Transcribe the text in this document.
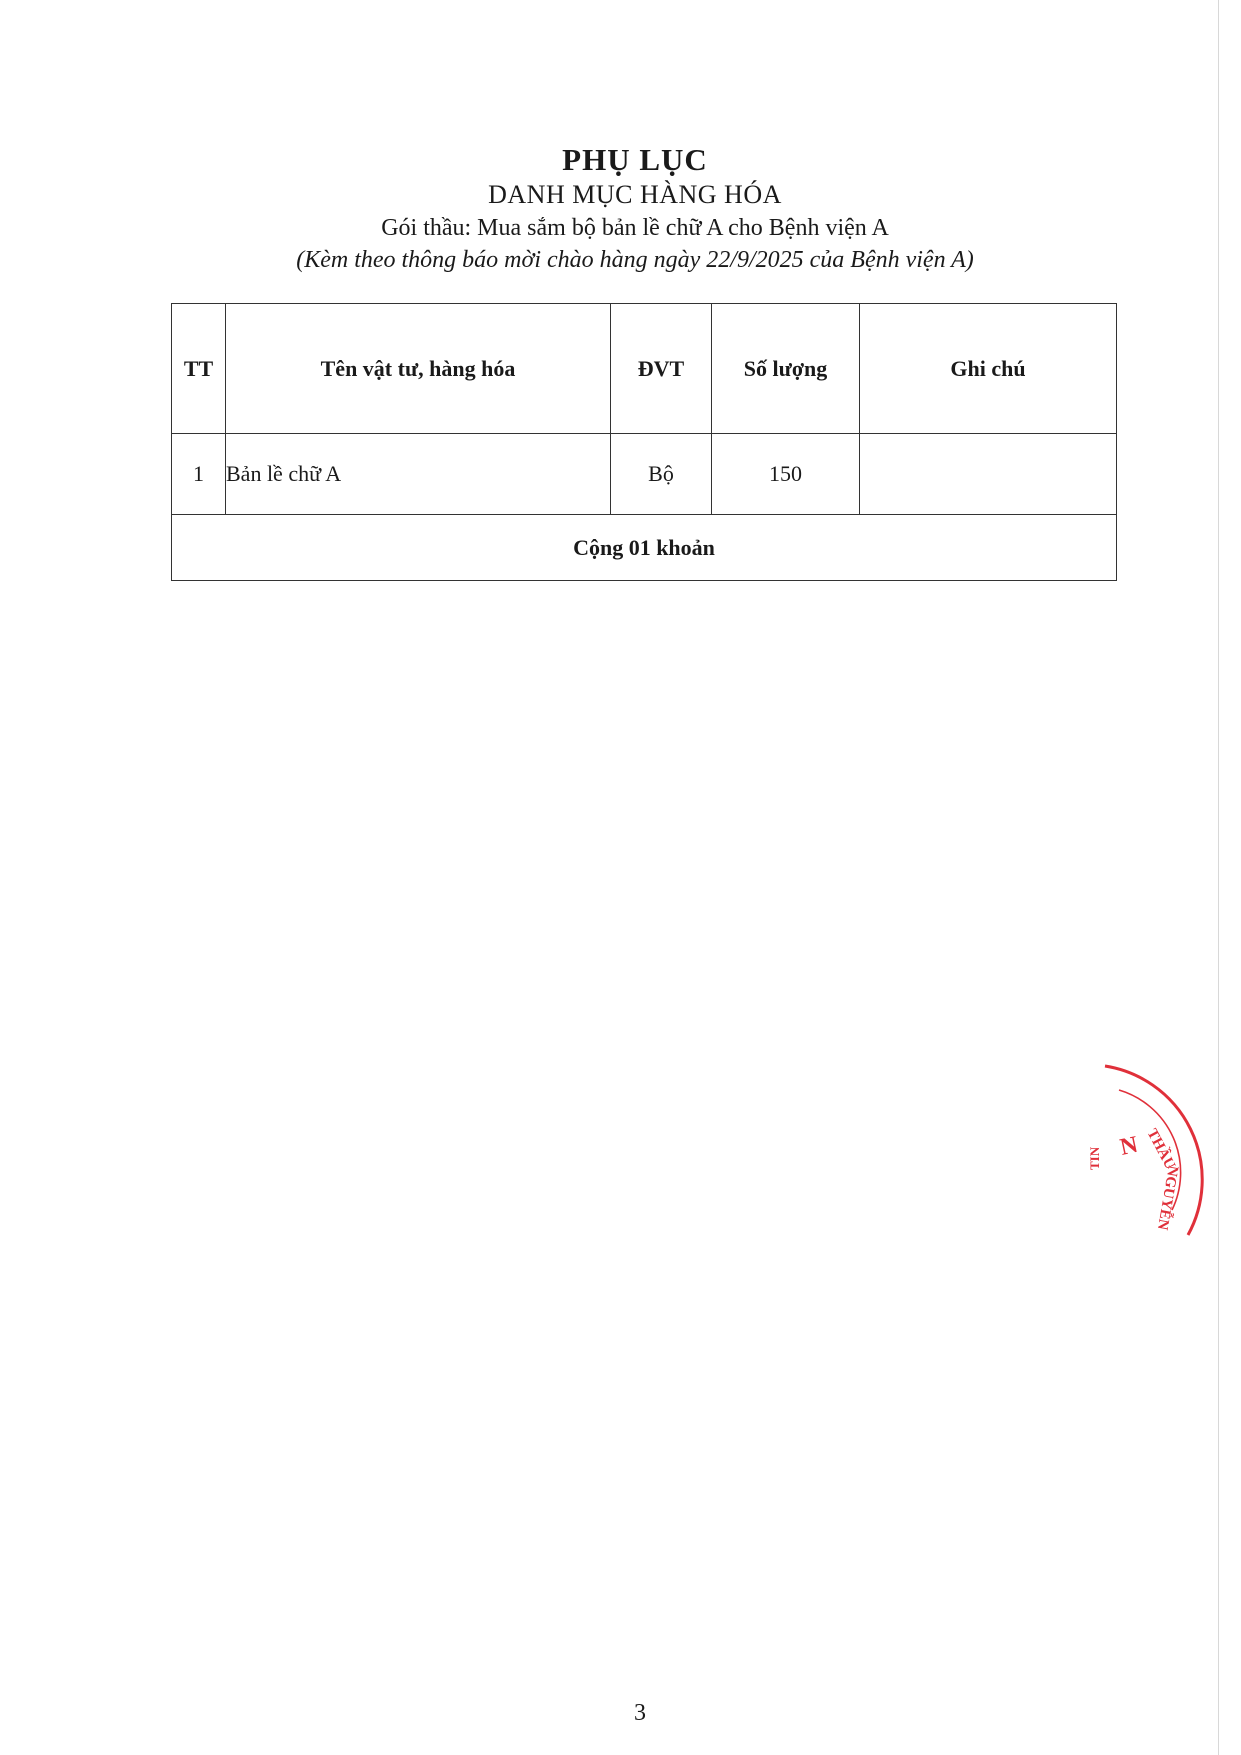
PHỤ LỤC
DANH MỤC HÀNG HÓA
Gói thầu: Mua sắm bộ bản lề chữ A cho Bệnh viện A
(Kèm theo thông báo mời chào hàng ngày 22/9/2025 của Bệnh viện A)
TT	Tên vật tư, hàng hóa	ĐVT	Số lượng	Ghi chú
1	Bản lề chữ A	Bộ	150	
Cộng 01 khoản				
THẦU
N
TIN
NGUYỄN
3
